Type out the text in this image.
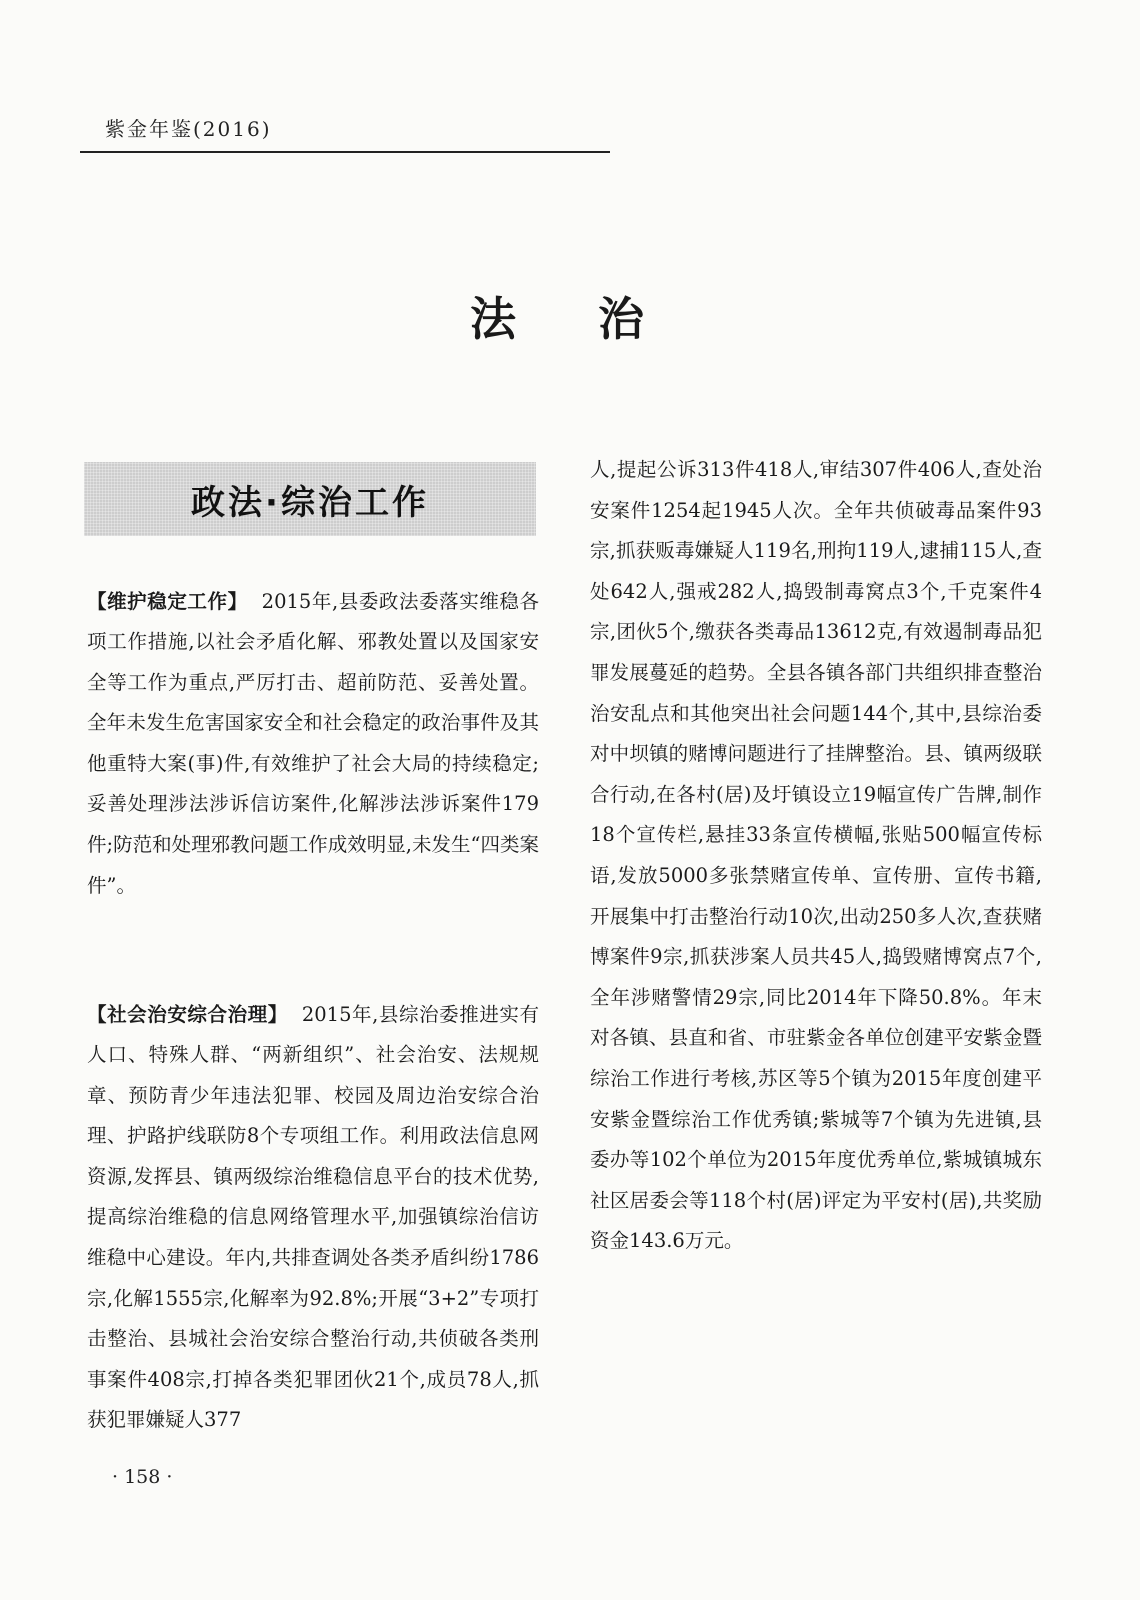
紫金年鉴(2016)
法治
政法·综治工作

【维护稳定工作】 2015年,县委政法委落实维稳各项工作措施,以社会矛盾化解、邪教处置以及国家安全等工作为重点,严厉打击、超前防范、妥善处置。全年未发生危害国家安全和社会稳定的政治事件及其他重特大案(事)件,有效维护了社会大局的持续稳定;妥善处理涉法涉诉信访案件,化解涉法涉诉案件179件;防范和处理邪教问题工作成效明显,未发生“四类案件”。

【社会治安综合治理】 2015年,县综治委推进实有人口、特殊人群、“两新组织”、社会治安、法规规章、预防青少年违法犯罪、校园及周边治安综合治理、护路护线联防8个专项组工作。利用政法信息网资源,发挥县、镇两级综治维稳信息平台的技术优势,提高综治维稳的信息网络管理水平,加强镇综治信访维稳中心建设。年内,共排查调处各类矛盾纠纷1786宗,化解1555宗,化解率为92.8%;开展“3+2”专项打击整治、县城社会治安综合整治行动,共侦破各类刑事案件408宗,打掉各类犯罪团伙21个,成员78人,抓获犯罪嫌疑人377

人,提起公诉313件418人,审结307件406人,查处治安案件1254起1945人次。全年共侦破毒品案件93宗,抓获贩毒嫌疑人119名,刑拘119人,逮捕115人,查处642人,强戒282人,捣毁制毒窝点3个,千克案件4宗,团伙5个,缴获各类毒品13612克,有效遏制毒品犯罪发展蔓延的趋势。全县各镇各部门共组织排查整治治安乱点和其他突出社会问题144个,其中,县综治委对中坝镇的赌博问题进行了挂牌整治。县、镇两级联合行动,在各村(居)及圩镇设立19幅宣传广告牌,制作18个宣传栏,悬挂33条宣传横幅,张贴500幅宣传标语,发放5000多张禁赌宣传单、宣传册、宣传书籍,开展集中打击整治行动10次,出动250多人次,查获赌博案件9宗,抓获涉案人员共45人,捣毁赌博窝点7个,全年涉赌警情29宗,同比2014年下降50.8%。年末对各镇、县直和省、市驻紫金各单位创建平安紫金暨综治工作进行考核,苏区等5个镇为2015年度创建平安紫金暨综治工作优秀镇;紫城等7个镇为先进镇,县委办等102个单位为2015年度优秀单位,紫城镇城东社区居委会等118个村(居)评定为平安村(居),共奖励资金143.6万元。

· 158 ·
